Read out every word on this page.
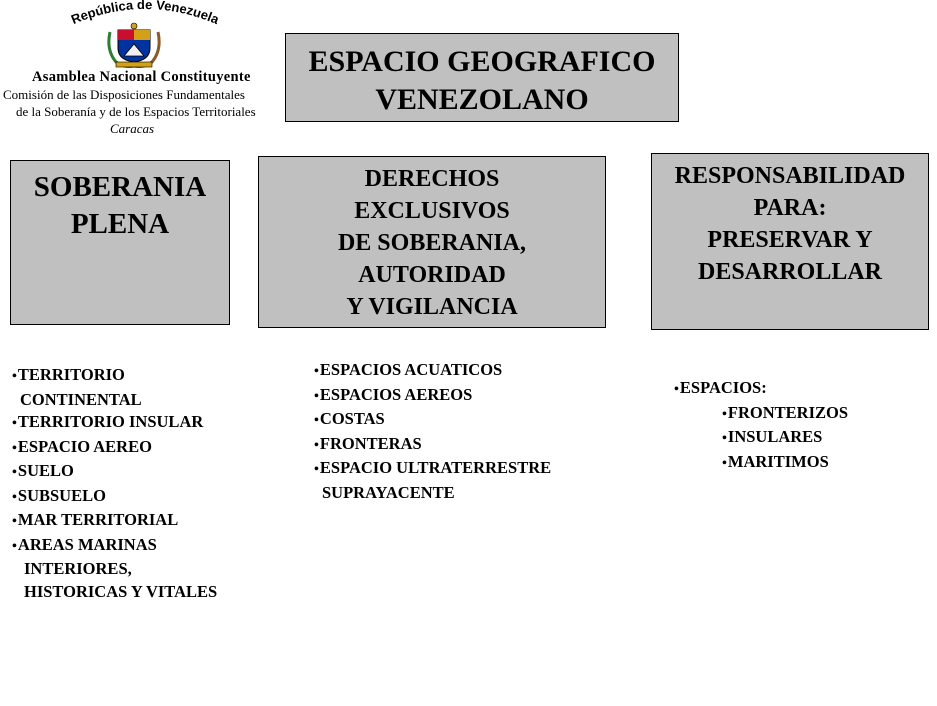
República de Venezuela
Asamblea Nacional Constituyente
Comisión de las Disposiciones Fundamentales
de la Soberanía y de los Espacios Territoriales
Caracas
ESPACIO GEOGRAFICO
VENEZOLANO
SOBERANIA
PLENA
DERECHOS
EXCLUSIVOS
DE SOBERANIA,
AUTORIDAD
Y VIGILANCIA
RESPONSABILIDAD
PARA:
PRESERVAR Y
DESARROLLAR
•TERRITORIO
CONTINENTAL
•TERRITORIO INSULAR
•ESPACIO AEREO
•SUELO
•SUBSUELO
•MAR TERRITORIAL
•AREAS MARINAS
INTERIORES,
HISTORICAS Y VITALES
•ESPACIOS ACUATICOS
•ESPACIOS AEREOS
•COSTAS
•FRONTERAS
•ESPACIO ULTRATERRESTRE
SUPRAYACENTE
•ESPACIOS:
•FRONTERIZOS
•INSULARES
•MARITIMOS
